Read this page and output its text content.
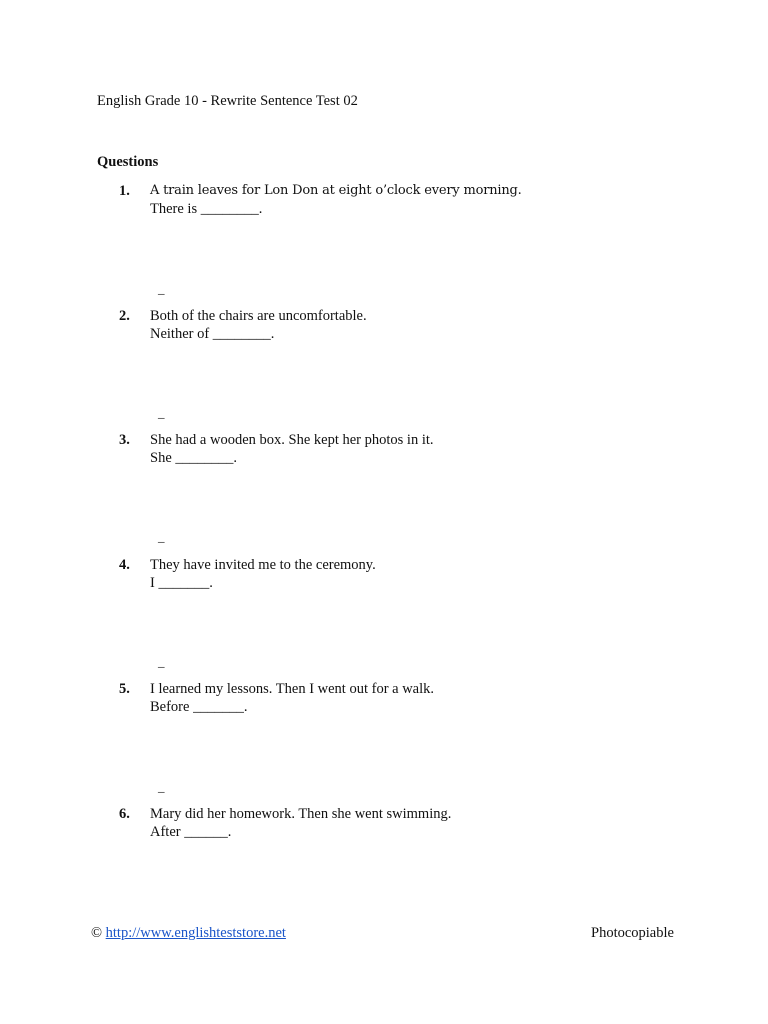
English Grade 10 - Rewrite Sentence Test 02
Questions
1. A train leaves for Lon Don at eight o’clock every morning.
There is ________.
_
2. Both of the chairs are uncomfortable.
Neither of ________.
_
3. She had a wooden box. She kept her photos in it.
She ________.
_
4. They have invited me to the ceremony.
I _______.
_
5. I learned my lessons. Then I went out for a walk.
Before _______.
_
6. Mary did her homework. Then she went swimming.
After ______.
© http://www.englishteststore.net	Photocopiable
